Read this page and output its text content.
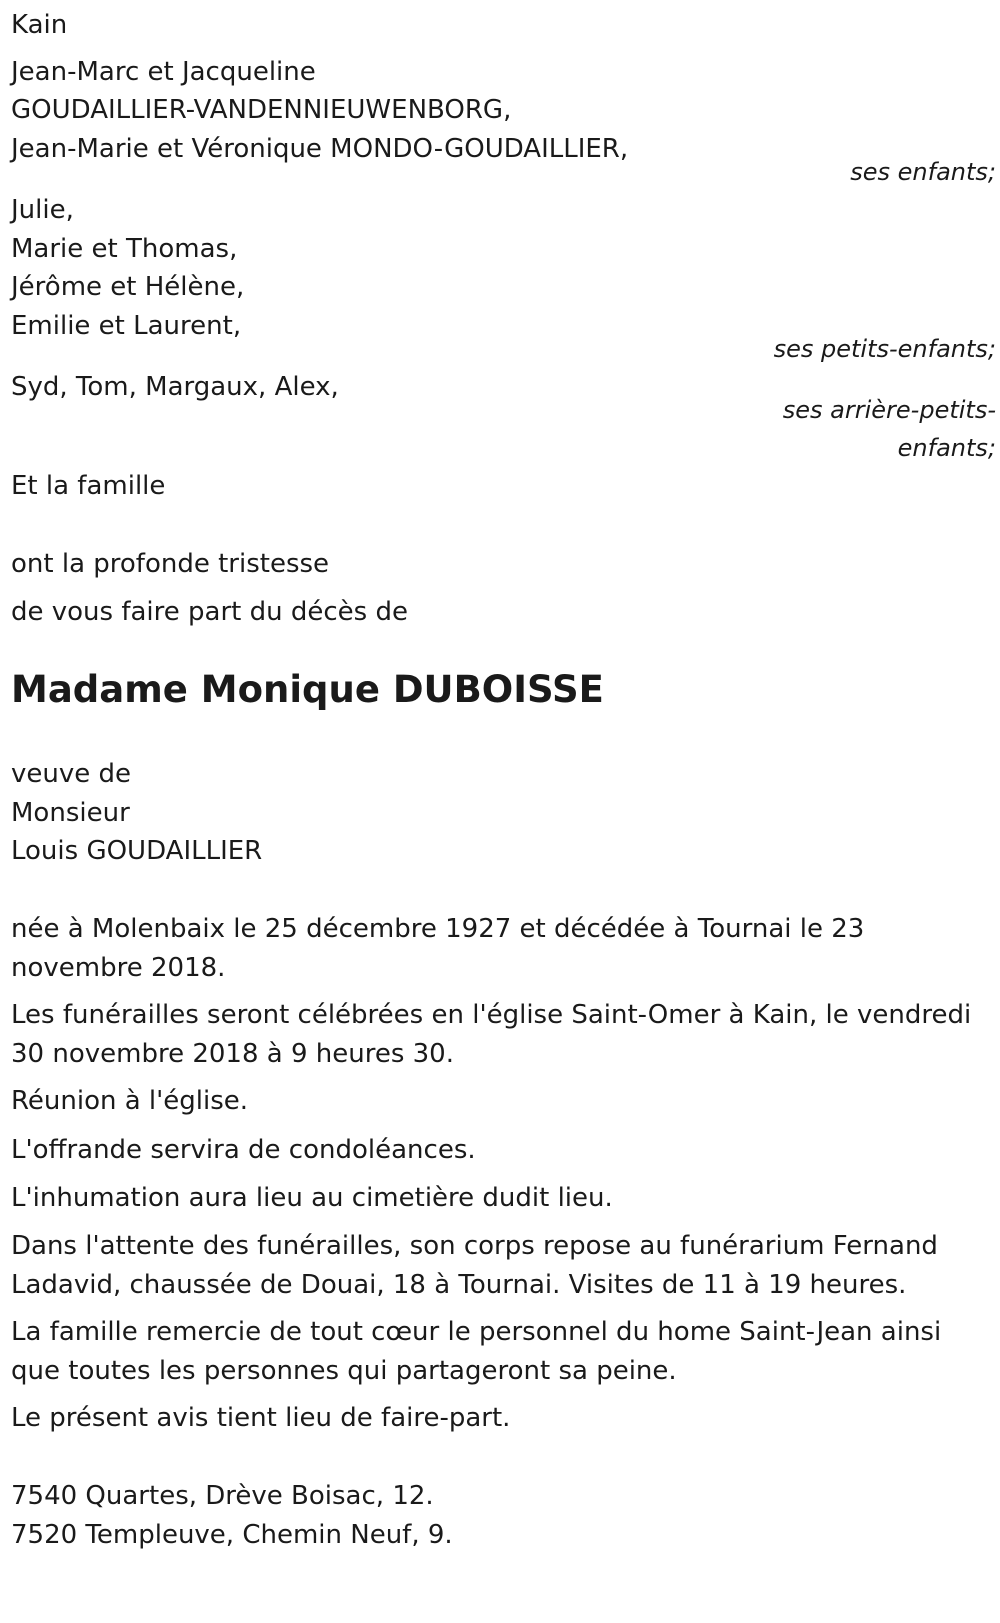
Kain
Jean-Marc et Jacqueline
GOUDAILLIER-VANDENNIEUWENBORG,
Jean-Marie et Véronique MONDO-GOUDAILLIER,
ses enfants;
Julie,
Marie et Thomas,
Jérôme et Hélène,
Emilie et Laurent,
ses petits-enfants;
Syd, Tom, Margaux, Alex,
ses arrière-petits-
enfants;
Et la famille
ont la profonde tristesse
de vous faire part du décès de
Madame Monique DUBOISSE
veuve de
Monsieur
Louis GOUDAILLIER
née à Molenbaix le 25 décembre 1927 et décédée à Tournai le 23 novembre 2018.
Les funérailles seront célébrées en l'église Saint-Omer à Kain, le vendredi 30 novembre 2018 à 9 heures 30.
Réunion à l'église.
L'offrande servira de condoléances.
L'inhumation aura lieu au cimetière dudit lieu.
Dans l'attente des funérailles, son corps repose au funérarium Fernand Ladavid, chaussée de Douai, 18 à Tournai. Visites de 11 à 19 heures.
La famille remercie de tout cœur le personnel du home Saint-Jean ainsi que toutes les personnes qui partageront sa peine.
Le présent avis tient lieu de faire-part.
7540 Quartes, Drève Boisac, 12.
7520 Templeuve, Chemin Neuf, 9.
